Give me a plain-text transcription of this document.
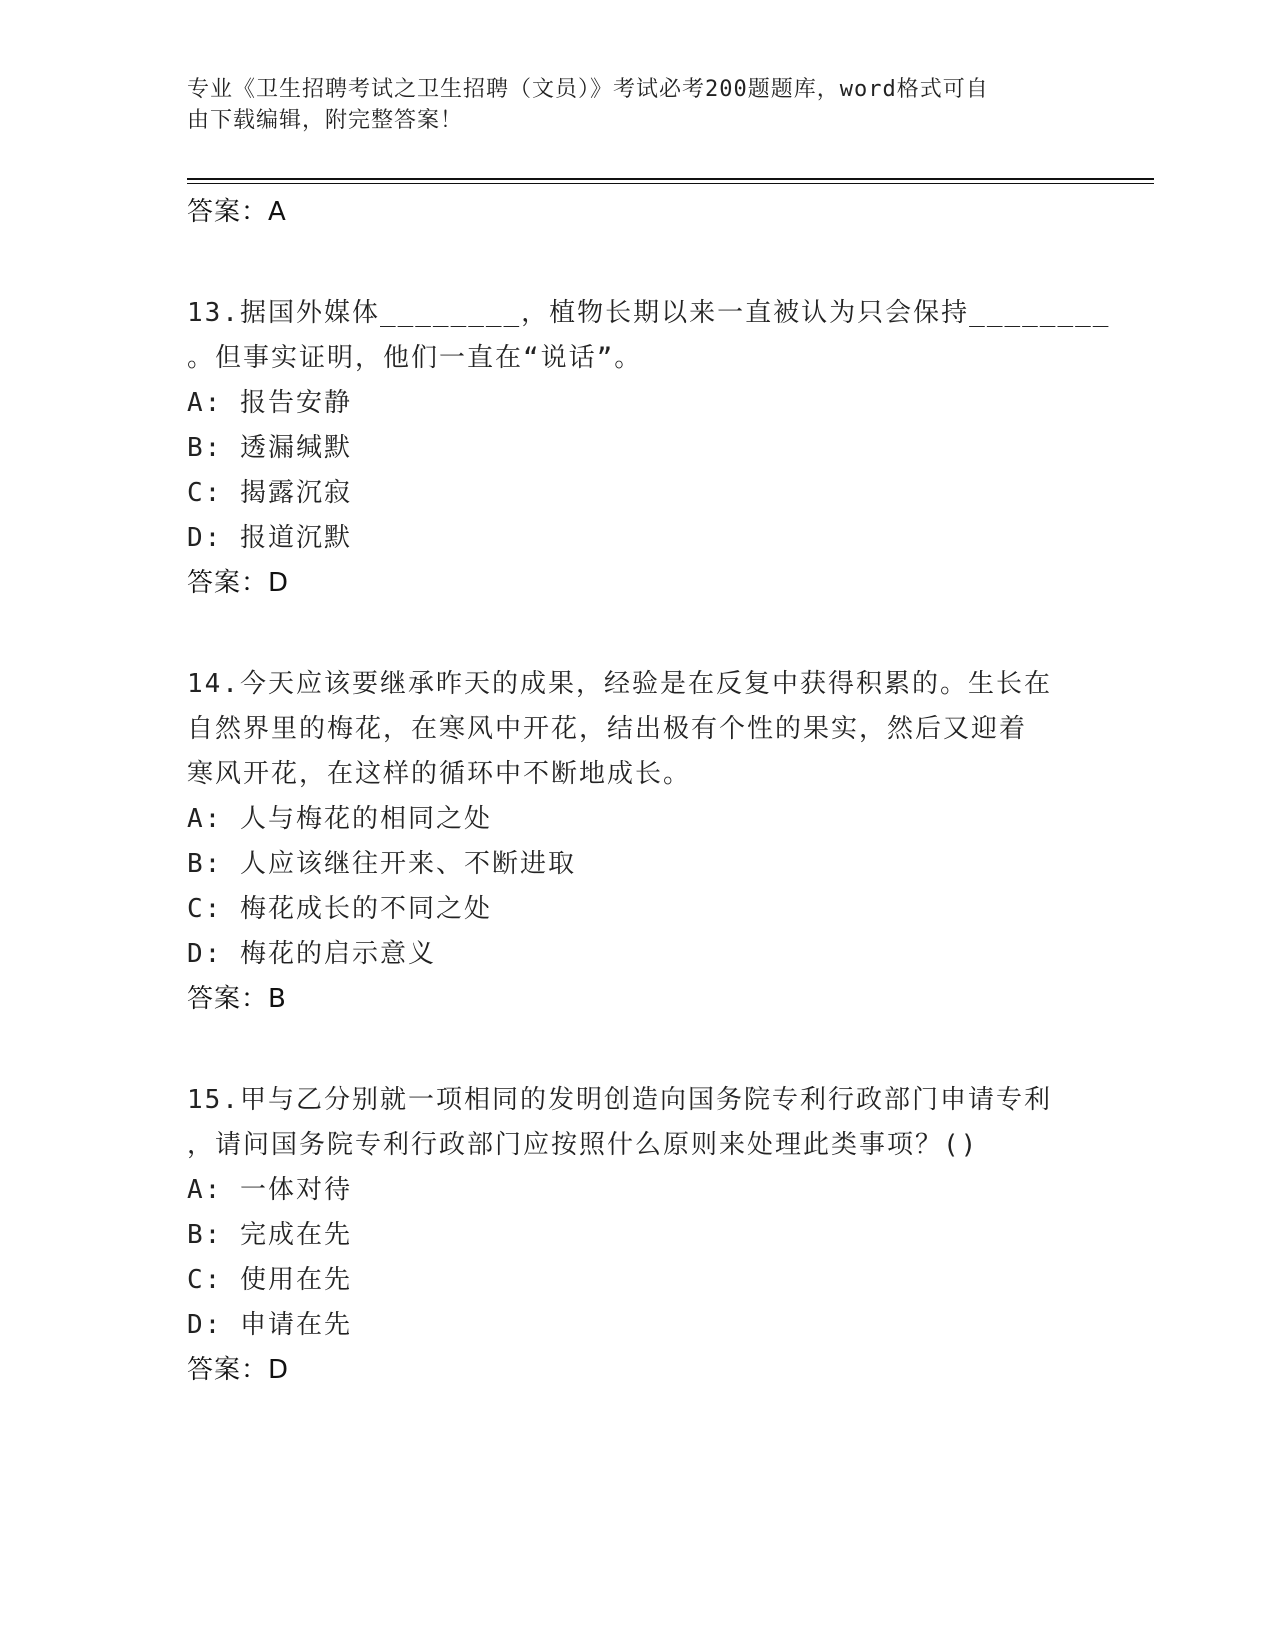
专业《卫生招聘考试之卫生招聘（文员）》考试必考200题题库，word格式可自
由下载编辑，附完整答案！
答案：A
13.据国外媒体________，植物长期以来一直被认为只会保持________
。但事实证明，他们一直在“说话”。
A: 报告安静
B: 透漏缄默
C: 揭露沉寂
D: 报道沉默
答案：D
14.今天应该要继承昨天的成果，经验是在反复中获得积累的。生长在
自然界里的梅花，在寒风中开花，结出极有个性的果实，然后又迎着
寒风开花，在这样的循环中不断地成长。
A: 人与梅花的相同之处
B: 人应该继往开来、不断进取
C: 梅花成长的不同之处
D: 梅花的启示意义
答案：B
15.甲与乙分别就一项相同的发明创造向国务院专利行政部门申请专利
，请问国务院专利行政部门应按照什么原则来处理此类事项？()
A: 一体对待
B: 完成在先
C: 使用在先
D: 申请在先
答案：D
